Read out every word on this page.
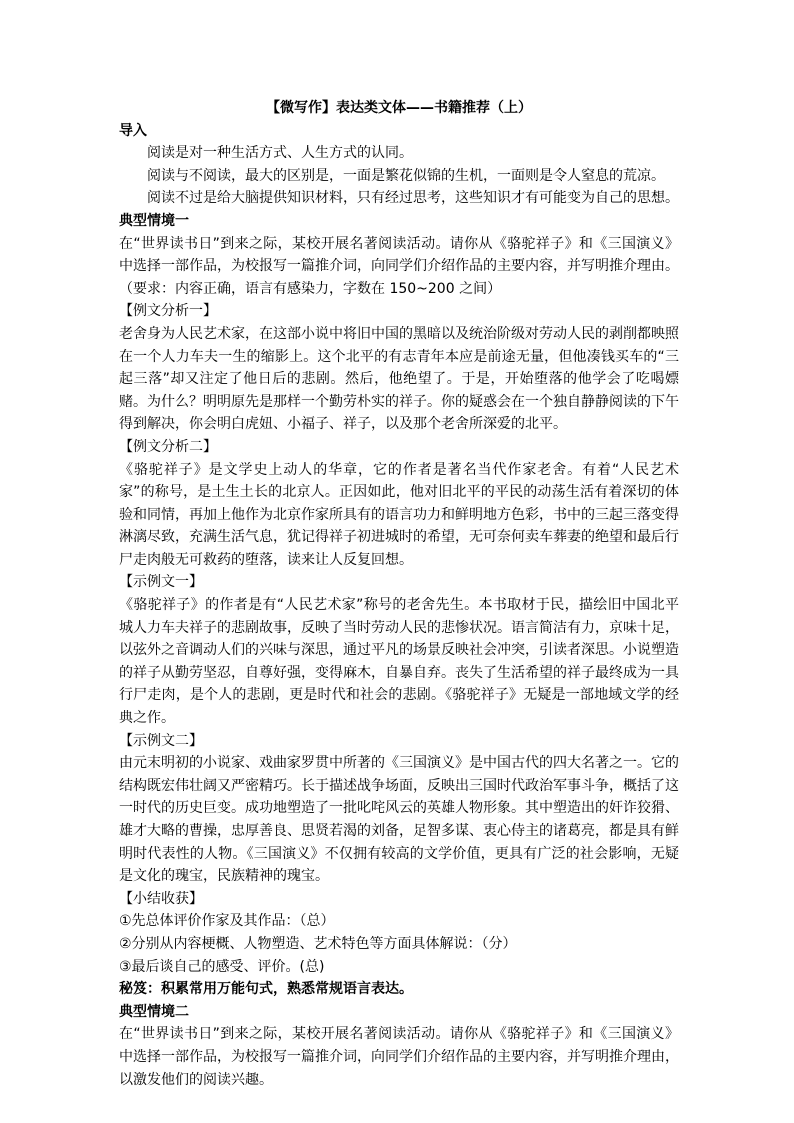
【微写作】表达类文体——书籍推荐（上）
导入

阅读是对一种生活方式、人生方式的认同。

阅读与不阅读，最大的区别是，一面是繁花似锦的生机，一面则是令人窒息的荒凉。

阅读不过是给大脑提供知识材料，只有经过思考，这些知识才有可能变为自己的思想。

典型情境一

在“世界读书日”到来之际，某校开展名著阅读活动。请你从《骆驼祥子》和《三国演义》中选择一部作品，为校报写一篇推介词，向同学们介绍作品的主要内容，并写明推介理由。（要求：内容正确，语言有感染力，字数在 150~200 之间）

【例文分析一】

老舍身为人民艺术家，在这部小说中将旧中国的黑暗以及统治阶级对劳动人民的剥削都映照在一个人力车夫一生的缩影上。这个北平的有志青年本应是前途无量，但他凑钱买车的“三起三落”却又注定了他日后的悲剧。然后，他绝望了。于是，开始堕落的他学会了吃喝嫖赌。为什么？明明原先是那样一个勤劳朴实的祥子。你的疑惑会在一个独自静静阅读的下午得到解决，你会明白虎妞、小福子、祥子，以及那个老舍所深爱的北平。

【例文分析二】

《骆驼祥子》是文学史上动人的华章，它的作者是著名当代作家老舍。有着“人民艺术家”的称号，是土生土长的北京人。正因如此，他对旧北平的平民的动荡生活有着深切的体验和同情，再加上他作为北京作家所具有的语言功力和鲜明地方色彩，书中的三起三落变得淋漓尽致，充满生活气息，犹记得祥子初进城时的希望，无可奈何卖车葬妻的绝望和最后行尸走肉般无可救药的堕落，读来让人反复回想。

【示例文一】

《骆驼祥子》的作者是有“人民艺术家”称号的老舍先生。本书取材于民，描绘旧中国北平城人力车夫祥子的悲剧故事，反映了当时劳动人民的悲惨状况。语言简洁有力，京味十足，以弦外之音调动人们的兴味与深思，通过平凡的场景反映社会冲突，引读者深思。小说塑造的祥子从勤劳坚忍，自尊好强，变得麻木，自暴自弃。丧失了生活希望的祥子最终成为一具行尸走肉，是个人的悲剧，更是时代和社会的悲剧。《骆驼祥子》无疑是一部地域文学的经典之作。

【示例文二】

由元末明初的小说家、戏曲家罗贯中所著的《三国演义》是中国古代的四大名著之一。它的结构既宏伟壮阔又严密精巧。长于描述战争场面，反映出三国时代政治军事斗争，概括了这一时代的历史巨变。成功地塑造了一批叱咤风云的英雄人物形象。其中塑造出的奸诈狡猾、雄才大略的曹操，忠厚善良、思贤若渴的刘备，足智多谋、衷心侍主的诸葛亮，都是具有鲜明时代表性的人物。《三国演义》不仅拥有较高的文学价值，更具有广泛的社会影响，无疑是文化的瑰宝，民族精神的瑰宝。

【小结收获】

①先总体评价作家及其作品：（总）

②分别从内容梗概、人物塑造、艺术特色等方面具体解说：（分）

③最后谈自己的感受、评价。(总)

秘笈：积累常用万能句式，熟悉常规语言表达。

典型情境二

在“世界读书日”到来之际，某校开展名著阅读活动。请你从《骆驼祥子》和《三国演义》中选择一部作品，为校报写一篇推介词，向同学们介绍作品的主要内容，并写明推介理由，以激发他们的阅读兴趣。
